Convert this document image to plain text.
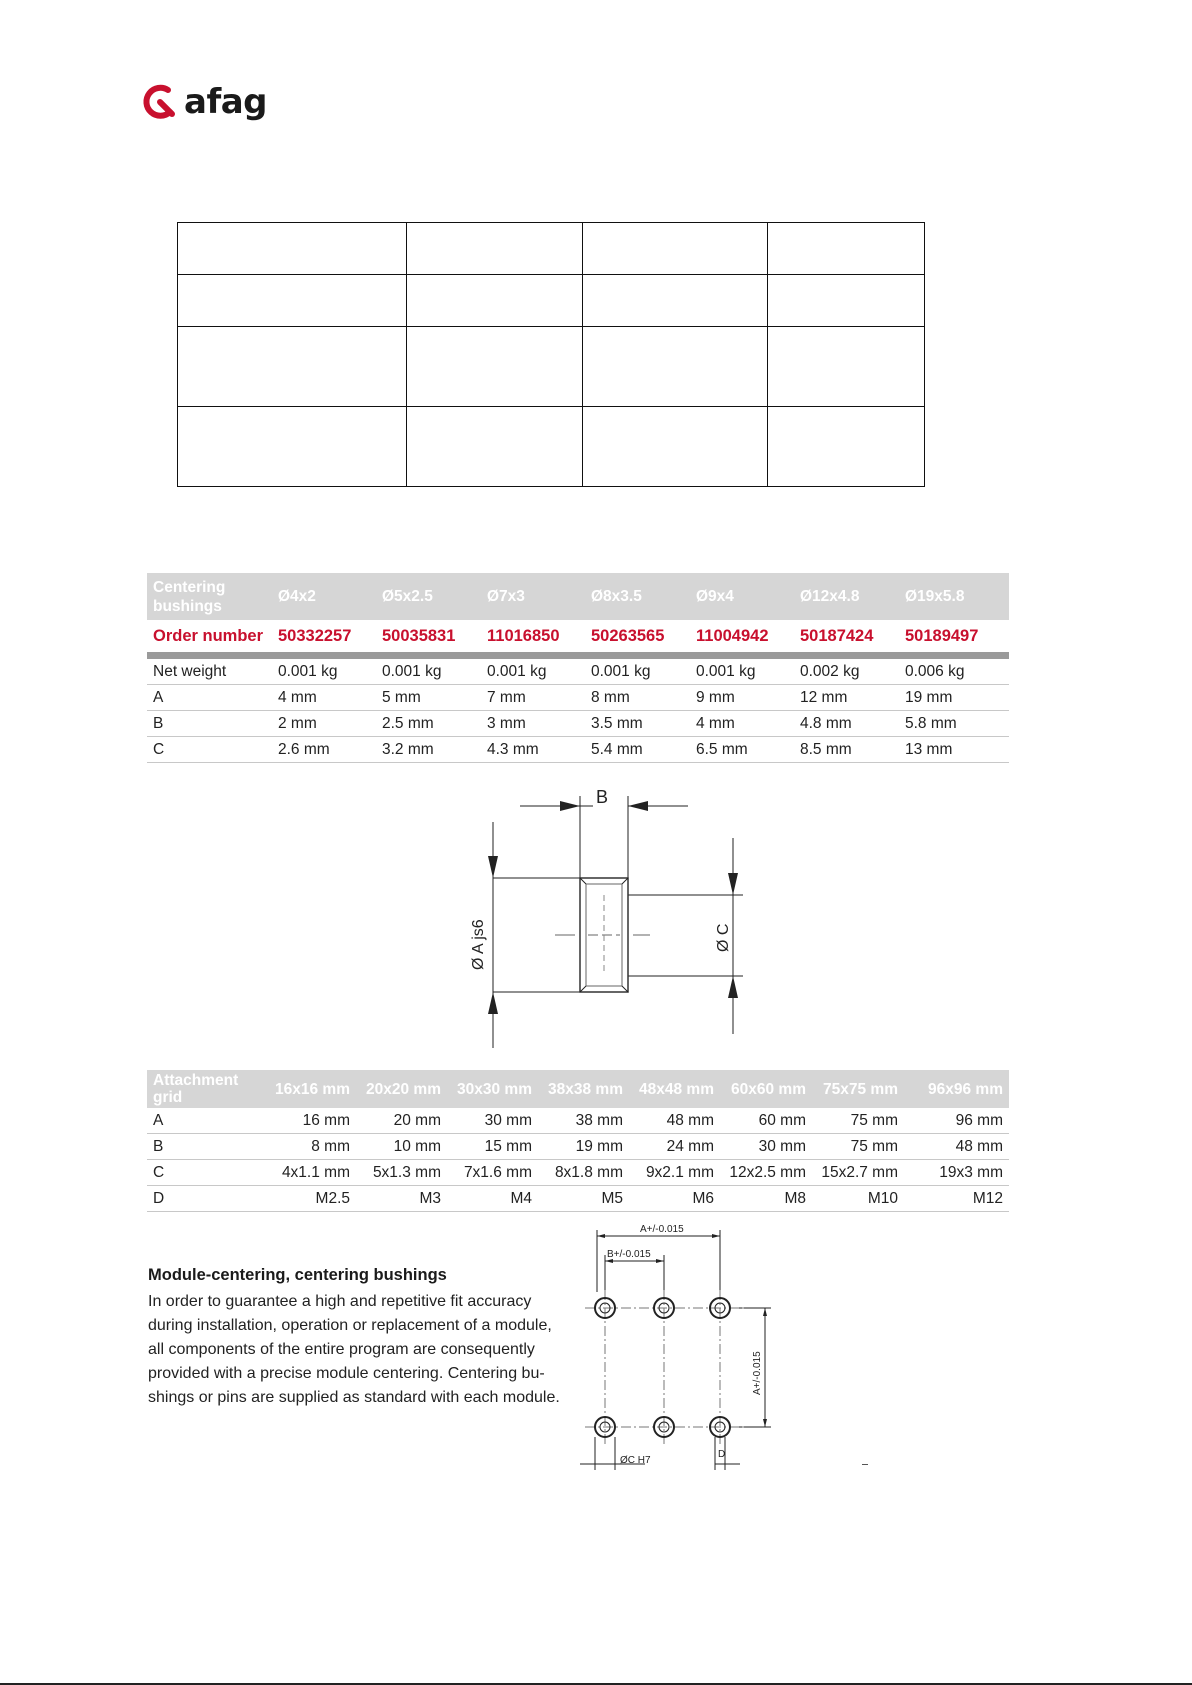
afag

Centering bushings	Ø4x2	Ø5x2.5	Ø7x3	Ø8x3.5	Ø9x4	Ø12x4.8	Ø19x5.8
Order number	50332257	50035831	11016850	50263565	11004942	50187424	50189497
Net weight	0.001 kg	0.001 kg	0.001 kg	0.001 kg	0.001 kg	0.002 kg	0.006 kg
A	4 mm	5 mm	7 mm	8 mm	9 mm	12 mm	19 mm
B	2 mm	2.5 mm	3 mm	3.5 mm	4 mm	4.8 mm	5.8 mm
C	2.6 mm	3.2 mm	4.3 mm	5.4 mm	6.5 mm	8.5 mm	13 mm
B
Ø A js6	Ø C
Attachment grid	16x16 mm	20x20 mm	30x30 mm	38x38 mm	48x48 mm	60x60 mm	75x75 mm	96x96 mm
A	16 mm	20 mm	30 mm	38 mm	48 mm	60 mm	75 mm	96 mm
B	8 mm	10 mm	15 mm	19 mm	24 mm	30 mm	75 mm	48 mm
C	4x1.1 mm	5x1.3 mm	7x1.6 mm	8x1.8 mm	9x2.1 mm	12x2.5 mm	15x2.7 mm	19x3 mm
D	M2.5	M3	M4	M5	M6	M8	M10	M12
Module-centering, centering bushings
In order to guarantee a high and repetitive fit accuracy
during installation, operation or replacement of a module,
all components of the entire program are consequently
provided with a precise module centering. Centering bu-
shings or pins are supplied as standard with each module.
A+/-0.015
B+/-0.015
A+/-0.015
ØC H7
D
